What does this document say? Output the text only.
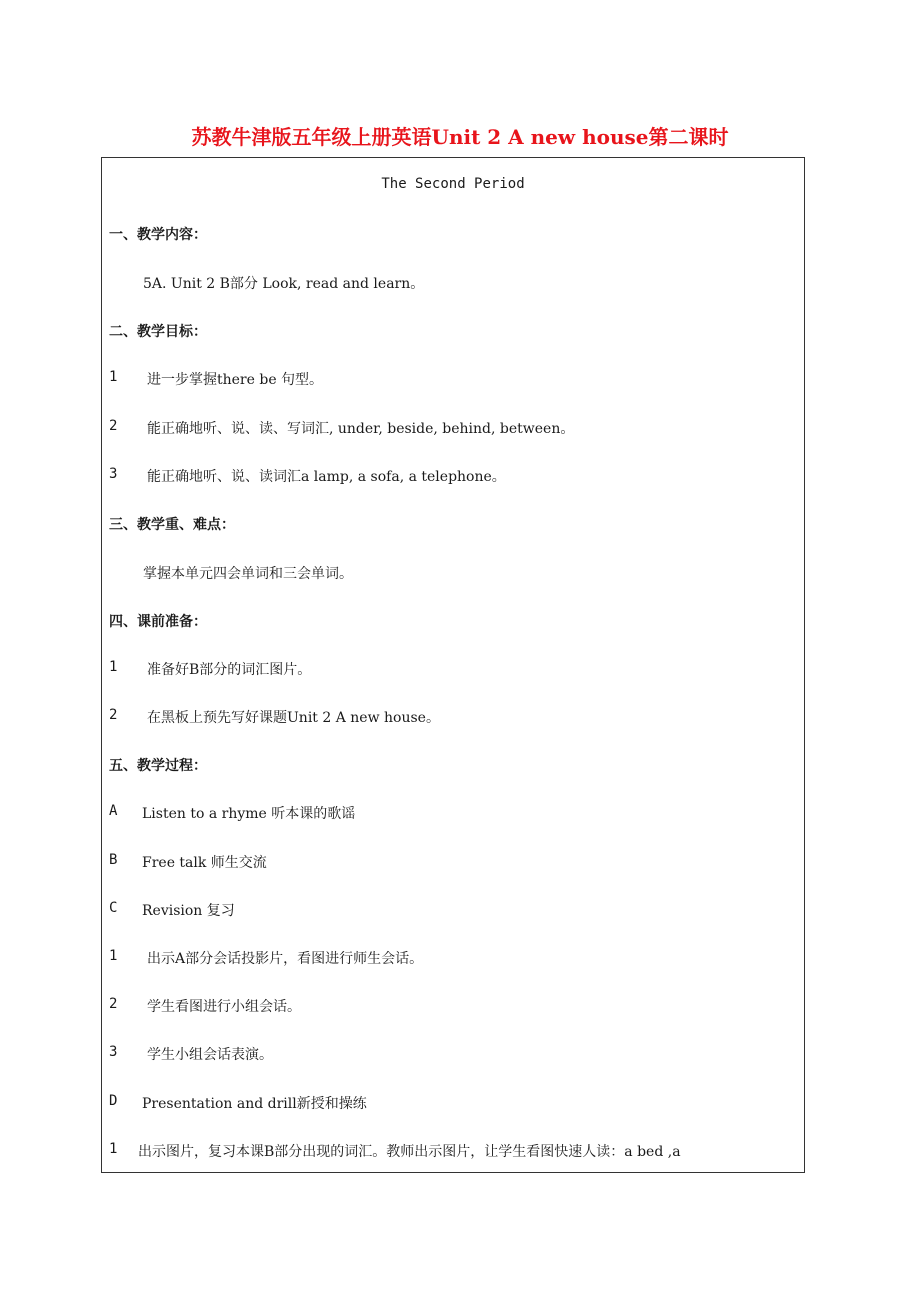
苏教牛津版五年级上册英语Unit 2 A new house第二课时
The Second Period
一、教学内容：
5A. Unit 2 B部分 Look, read and learn。
二、教学目标：
1 进一步掌握there be 句型。
2 能正确地听、说、读、写词汇, under, beside, behind, between。
3 能正确地听、说、读词汇a lamp, a sofa, a telephone。
三、教学重、难点：
掌握本单元四会单词和三会单词。
四、课前准备：
1 准备好B部分的词汇图片。
2 在黑板上预先写好课题Unit 2 A new house。
五、教学过程：
A Listen to a rhyme 听本课的歌谣
B Free talk 师生交流
C Revision 复习
1 出示A部分会话投影片，看图进行师生会话。
2 学生看图进行小组会话。
3 学生小组会话表演。
D Presentation and drill新授和操练
1 出示图片，复习本课B部分出现的词汇。教师出示图片，让学生看图快速人读：a bed ,a
